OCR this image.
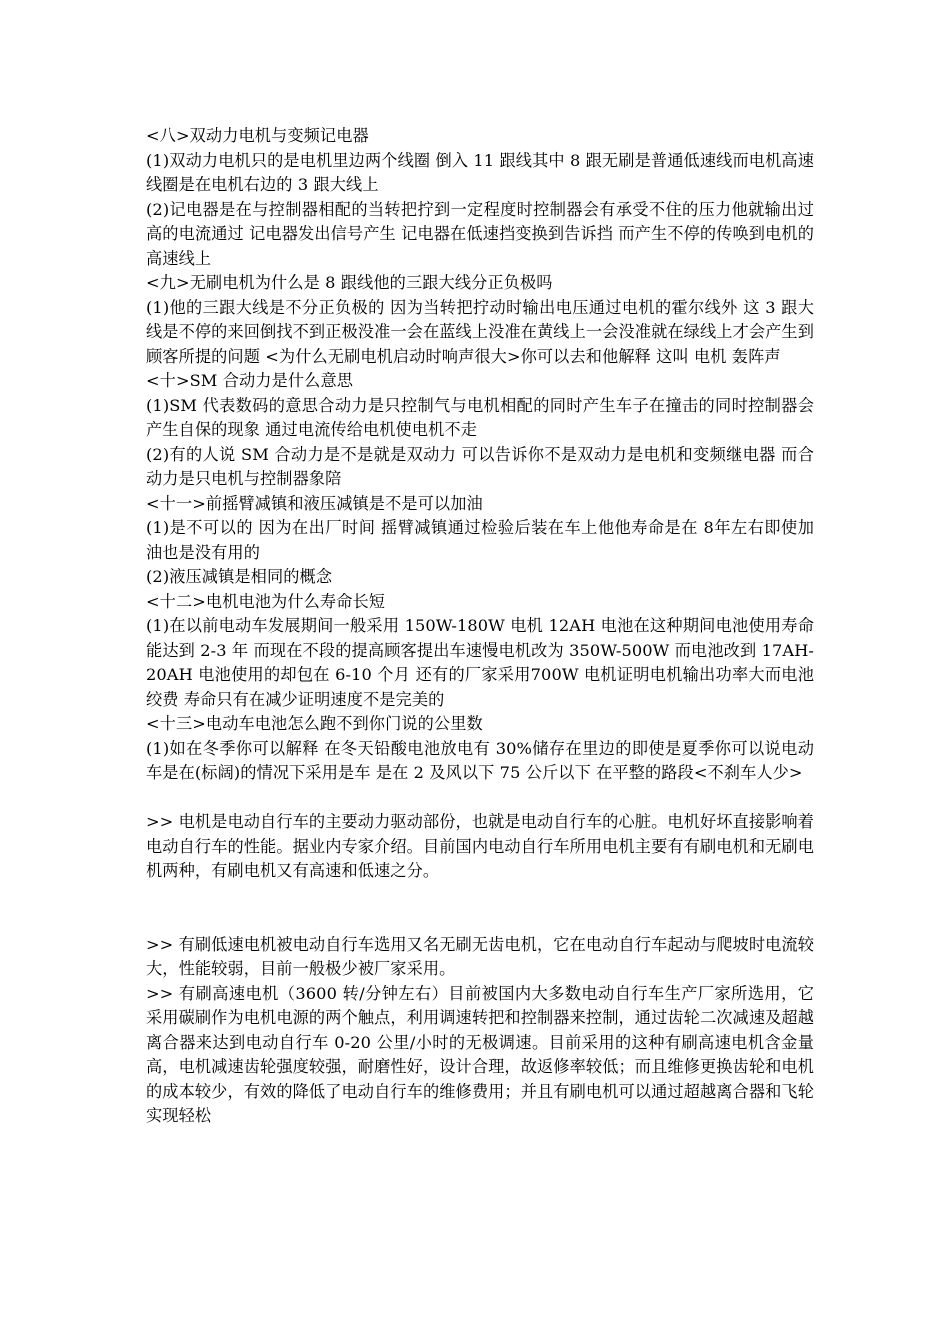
<八>双动力电机与变频记电器

(1)双动力电机只的是电机里边两个线圈 倒入 11 跟线其中 8 跟无刷是普通低速线而电机高速线圈是在电机右边的 3 跟大线上

(2)记电器是在与控制器相配的当转把拧到一定程度时控制器会有承受不住的压力他就输出过高的电流通过 记电器发出信号产生 记电器在低速挡变换到告诉挡 而产生不停的传唤到电机的高速线上

<九>无刷电机为什么是 8 跟线他的三跟大线分正负极吗

(1)他的三跟大线是不分正负极的 因为当转把拧动时输出电压通过电机的霍尔线外 这 3 跟大线是不停的来回倒找不到正极没准一会在蓝线上没准在黄线上一会没准就在绿线上才会产生到顾客所提的问题 <为什么无刷电机启动时响声很大>你可以去和他解释 这叫 电机 轰阵声

<十>SM 合动力是什么意思

(1)SM 代表数码的意思合动力是只控制气与电机相配的同时产生车子在撞击的同时控制器会产生自保的现象 通过电流传给电机使电机不走

(2)有的人说 SM 合动力是不是就是双动力 可以告诉你不是双动力是电机和变频继电器 而合动力是只电机与控制器象陪

<十一>前摇臂减镇和液压减镇是不是可以加油

(1)是不可以的 因为在出厂时间 摇臂减镇通过检验后装在车上他他寿命是在 8年左右即使加油也是没有用的

(2)液压减镇是相同的概念

<十二>电机电池为什么寿命长短

(1)在以前电动车发展期间一般采用 150W-180W 电机 12AH 电池在这种期间电池使用寿命能达到 2-3 年 而现在不段的提高顾客提出车速慢电机改为 350W-500W 而电池改到 17AH-20AH 电池使用的却包在 6-10 个月 还有的厂家采用700W 电机证明电机输出功率大而电池绞费 寿命只有在减少证明速度不是完美的

<十三>电动车电池怎么跑不到你门说的公里数

(1)如在冬季你可以解释 在冬天铅酸电池放电有 30%储存在里边的即使是夏季你可以说电动车是在(标阔)的情况下采用是车 是在 2 及风以下 75 公斤以下 在平整的路段<不刹车人少>

>> 电机是电动自行车的主要动力驱动部份，也就是电动自行车的心脏。电机好坏直接影响着电动自行车的性能。据业内专家介绍。目前国内电动自行车所用电机主要有有刷电机和无刷电机两种，有刷电机又有高速和低速之分。

>> 有刷低速电机被电动自行车选用又名无刷无齿电机，它在电动自行车起动与爬坡时电流较大，性能较弱，目前一般极少被厂家采用。

>> 有刷高速电机（3600 转/分钟左右）目前被国内大多数电动自行车生产厂家所选用，它采用碳刷作为电机电源的两个触点，利用调速转把和控制器来控制，通过齿轮二次减速及超越离合器来达到电动自行车 0-20 公里/小时的无极调速。目前采用的这种有刷高速电机含金量高，电机减速齿轮强度较强，耐磨性好，设计合理，故返修率较低；而且维修更换齿轮和电机的成本较少，有效的降低了电动自行车的维修费用；并且有刷电机可以通过超越离合器和飞轮实现轻松
